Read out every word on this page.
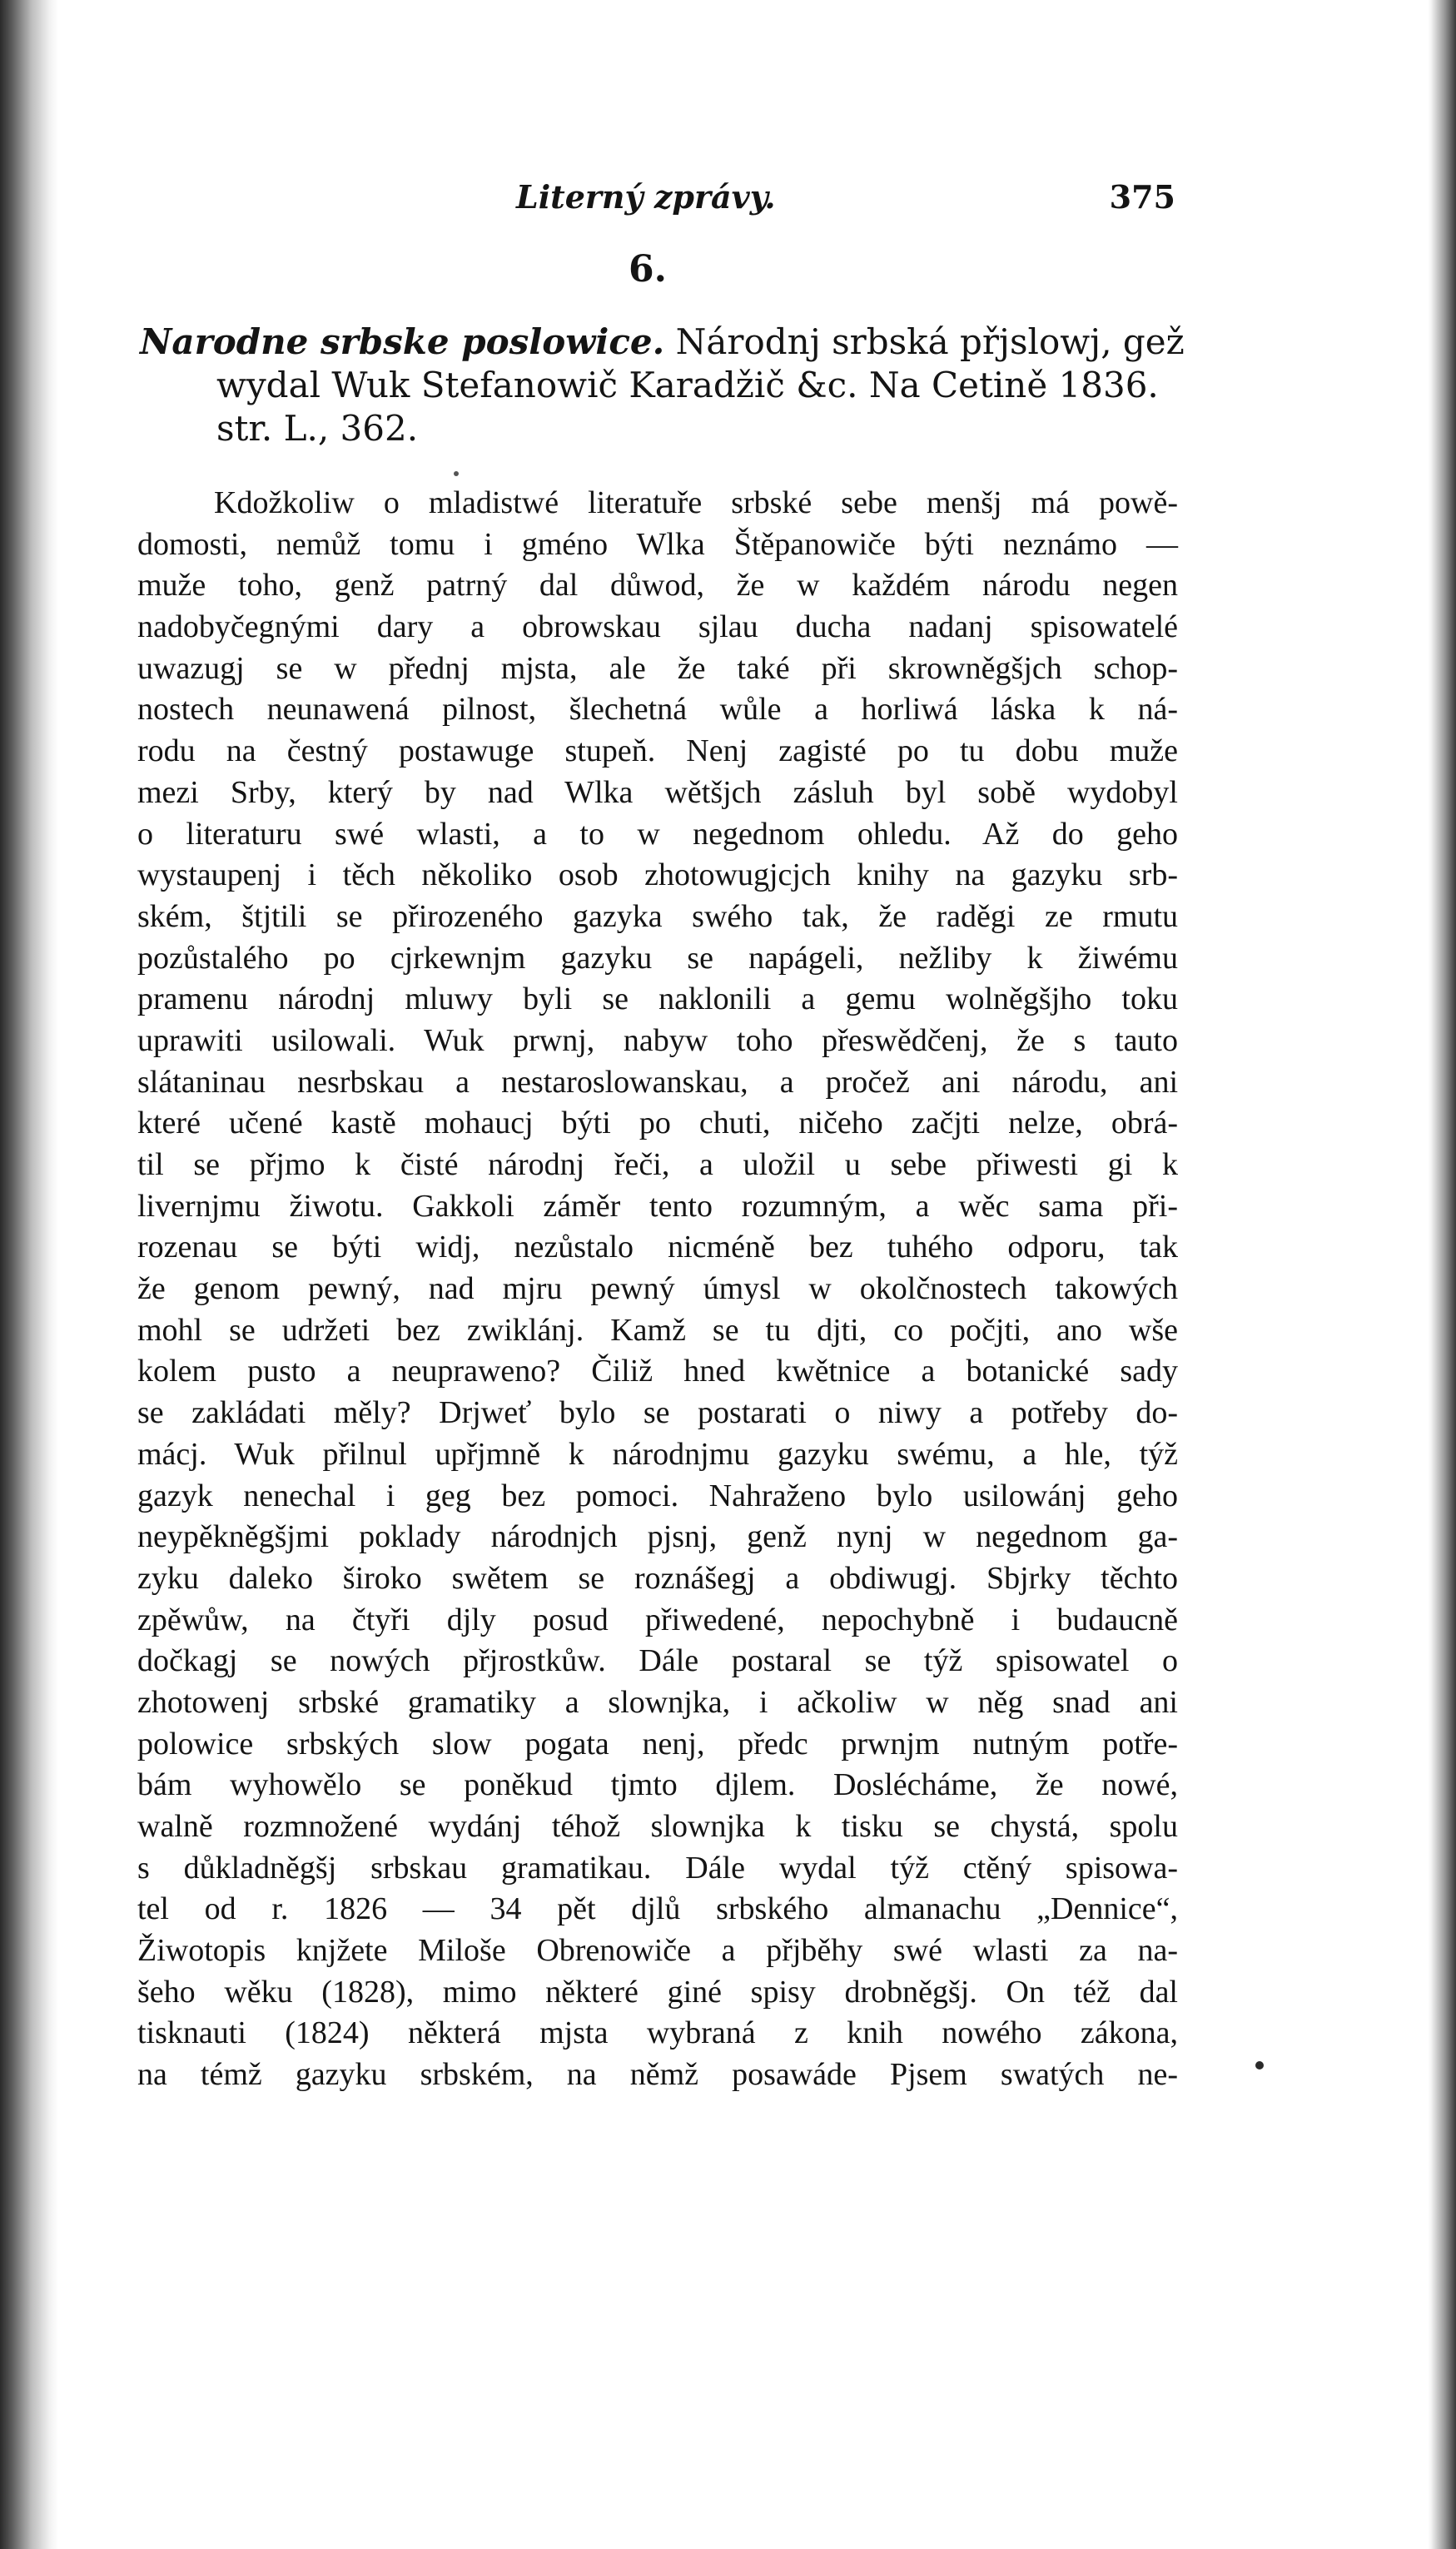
Literný zprávy.	375
6.
Narodne srbske poslowice. Národnj srbská přjslowj, gež
wydal Wuk Stefanowič Karadžič &c. Na Cetině 1836.
str. L., 362.
Kdožkoliw o mladistwé literatuře srbské sebe menšj má powě-
domosti, nemůž tomu i gméno Wlka Štěpanowiče býti neznámo —
muže toho, genž patrný dal důwod, že w každém národu negen
nadobyčegnými dary a obrowskau sjlau ducha nadanj spisowatelé
uwazugj se w přednj mjsta, ale že také při skrowněgšjch schop-
nostech neunawená pilnost, šlechetná wůle a horliwá láska k ná-
rodu na čestný postawuge stupeň. Nenj zagisté po tu dobu muže
mezi Srby, který by nad Wlka wětšjch zásluh byl sobě wydobyl
o literaturu swé wlasti, a to w negednom ohledu. Až do geho
wystaupenj i těch několiko osob zhotowugjcjch knihy na gazyku srb-
ském, štjtili se přirozeného gazyka swého tak, že raděgi ze rmutu
pozůstalého po cjrkewnjm gazyku se napágeli, nežliby k žiwému
pramenu národnj mluwy byli se naklonili a gemu wolněgšjho toku
uprawiti usilowali. Wuk prwnj, nabyw toho přeswědčenj, že s tauto
slátaninau nesrbskau a nestaroslowanskau, a pročež ani národu, ani
které učené kastě mohaucj býti po chuti, ničeho začjti nelze, obrá-
til se přjmo k čisté národnj řeči, a uložil u sebe přiwesti gi k
livernjmu žiwotu. Gakkoli záměr tento rozumným, a wěc sama při-
rozenau se býti widj, nezůstalo nicméně bez tuhého odporu, tak
že genom pewný, nad mjru pewný úmysl w okolčnostech takowých
mohl se udržeti bez zwiklánj. Kamž se tu djti, co počjti, ano wše
kolem pusto a neupraweno? Čiliž hned kwětnice a botanické sady
se zakládati měly? Drjweť bylo se postarati o niwy a potřeby do-
mácj. Wuk přilnul upřjmně k národnjmu gazyku swému, a hle, týž
gazyk nenechal i geg bez pomoci. Nahraženo bylo usilowánj geho
neypěkněgšjmi poklady národnjch pjsnj, genž nynj w negednom ga-
zyku daleko široko swětem se roznášegj a obdiwugj. Sbjrky těchto
zpěwůw, na čtyři djly posud přiwedené, nepochybně i budaucně
dočkagj se nowých přjrostkůw. Dále postaral se týž spisowatel o
zhotowenj srbské gramatiky a slownjka, i ačkoliw w něg snad ani
polowice srbských slow pogata nenj, předc prwnjm nutným potře-
bám wyhowělo se poněkud tjmto djlem. Doslécháme, že nowé,
walně rozmnožené wydánj téhož slownjka k tisku se chystá, spolu
s důkladněgšj srbskau gramatikau. Dále wydal týž ctěný spisowa-
tel od r. 1826 — 34 pět djlů srbského almanachu „Dennice“,
Žiwotopis knjžete Miloše Obrenowiče a přjběhy swé wlasti za na-
šeho wěku (1828), mimo některé giné spisy drobněgšj. On též dal
tisknauti (1824) některá mjsta wybraná z knih nowého zákona,
na témž gazyku srbském, na němž posawáde Pjsem swatých ne-
